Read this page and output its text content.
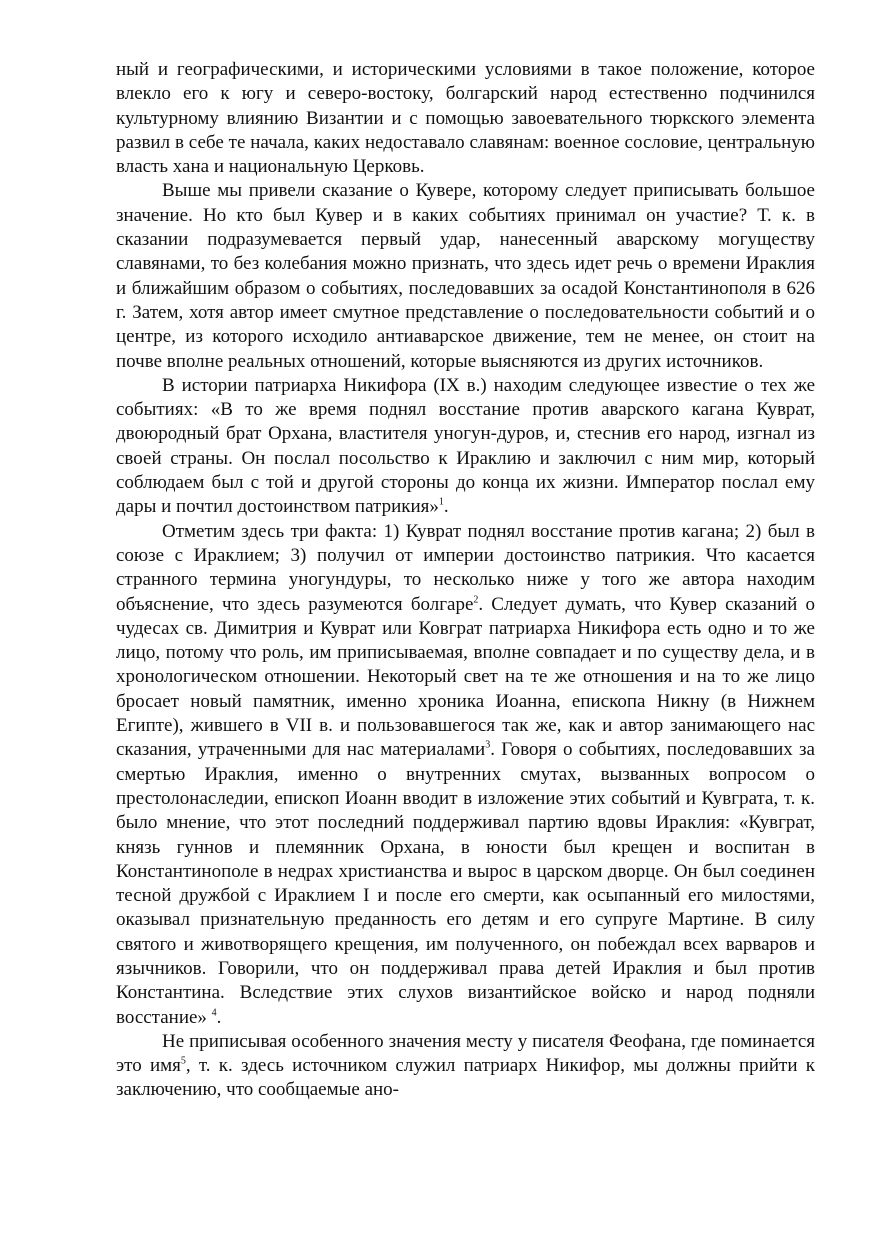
ный и географическими, и историческими условиями в такое положение, которое влекло его к югу и северо-востоку, болгарский народ естественно подчинился культурному влиянию Византии и с помощью завоевательного тюркского элемента развил в себе те начала, каких недоставало славянам: военное сословие, центральную власть хана и национальную Церковь.

Выше мы привели сказание о Кувере, которому следует приписывать большое значение. Но кто был Кувер и в каких событиях принимал он участие? Т. к. в сказании подразумевается первый удар, нанесенный аварскому могуществу славянами, то без колебания можно признать, что здесь идет речь о времени Ираклия и ближайшим образом о событиях, последовавших за осадой Константинополя в 626 г. Затем, хотя автор имеет смутное представление о последовательности событий и о центре, из которого исходило антиаварское движение, тем не менее, он стоит на почве вполне реальных отношений, которые выясняются из других источников.

В истории патриарха Никифора (IX в.) находим следующее известие о тех же событиях: «В то же время поднял восстание против аварского кагана Куврат, двоюродный брат Орхана, властителя уногун-дуров, и, стеснив его народ, изгнал из своей страны. Он послал посольство к Ираклию и заключил с ним мир, который соблюдаем был с той и другой стороны до конца их жизни. Император послал ему дары и почтил достоинством патрикия»$^1$.

Отметим здесь три факта: 1) Куврат поднял восстание против кагана; 2) был в союзе с Ираклием; 3) получил от империи достоинство патрикия. Что касается странного термина уногундуры, то несколько ниже у того же автора находим объяснение, что здесь разумеются болгаре$^2$. Следует думать, что Кувер сказаний о чудесах св. Димитрия и Куврат или Ковграт патриарха Никифора есть одно и то же лицо, потому что роль, им приписываемая, вполне совпадает и по существу дела, и в хронологическом отношении. Некоторый свет на те же отношения и на то же лицо бросает новый памятник, именно хроника Иоанна, епископа Никну (в Нижнем Египте), жившего в VII в. и пользовавшегося так же, как и автор занимающего нас сказания, утраченными для нас материалами$^3$. Говоря о событиях, последовавших за смертью Ираклия, именно о внутренних смутах, вызванных вопросом о престолонаследии, епископ Иоанн вводит в изложение этих событий и Кувграта, т. к. было мнение, что этот последний поддерживал партию вдовы Ираклия: «Кувграт, князь гуннов и племянник Орхана, в юности был крещен и воспитан в Константинополе в недрах христианства и вырос в царском дворце. Он был соединен тесной дружбой с Ираклием I и после его смерти, как осыпанный его милостями, оказывал признательную преданность его детям и его супруге Мартине. В силу святого и животворящего крещения, им полученного, он побеждал всех варваров и язычников. Говорили, что он поддерживал права детей Ираклия и был против Константина. Вследствие этих слухов византийское войско и народ подняли восстание» $^4$.

Не приписывая особенного значения месту у писателя Феофана, где поминается это имя$^5$, т. к. здесь источником служил патриарх Никифор, мы должны прийти к заключению, что сообщаемые ано-
